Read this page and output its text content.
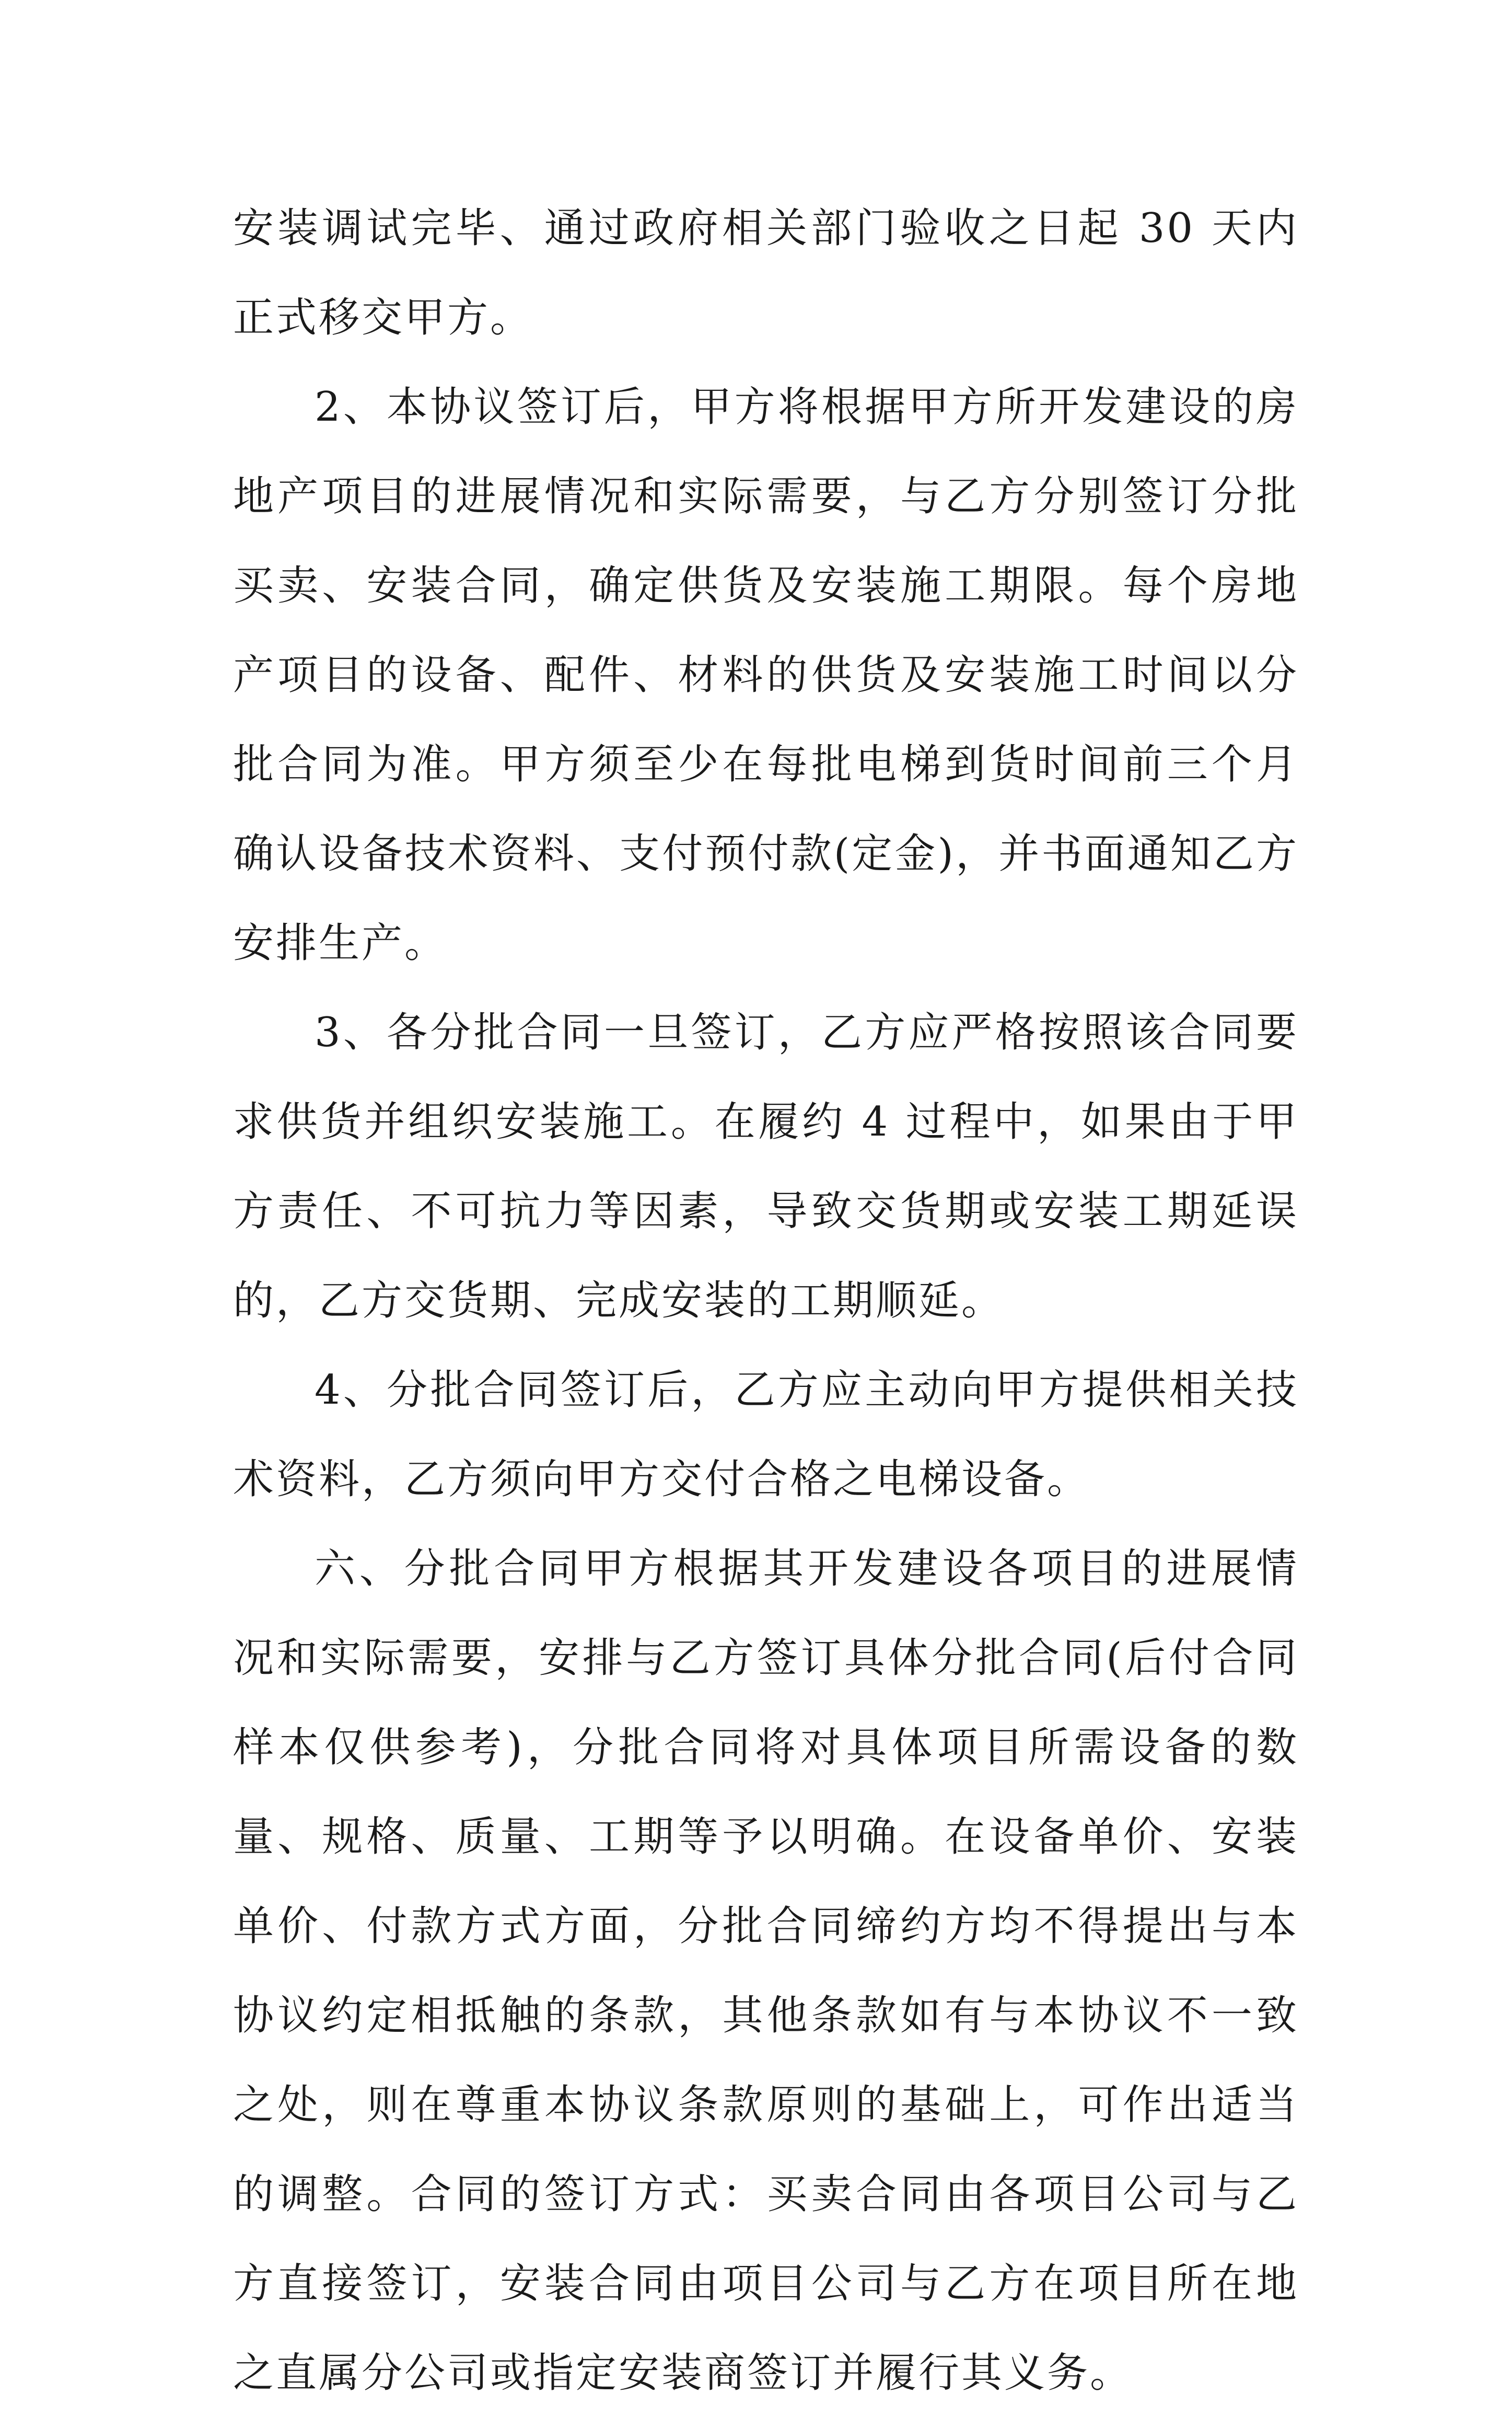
安装调试完毕、通过政府相关部门验收之日起 30 天内正式移交甲方。

2、本协议签订后，甲方将根据甲方所开发建设的房地产项目的进展情况和实际需要，与乙方分别签订分批买卖、安装合同，确定供货及安装施工期限。每个房地产项目的设备、配件、材料的供货及安装施工时间以分批合同为准。甲方须至少在每批电梯到货时间前三个月确认设备技术资料、支付预付款(定金)，并书面通知乙方安排生产。

3、各分批合同一旦签订，乙方应严格按照该合同要求供货并组织安装施工。在履约 4 过程中，如果由于甲方责任、不可抗力等因素，导致交货期或安装工期延误的，乙方交货期、完成安装的工期顺延。

4、分批合同签订后，乙方应主动向甲方提供相关技术资料，乙方须向甲方交付合格之电梯设备。

六、分批合同甲方根据其开发建设各项目的进展情况和实际需要，安排与乙方签订具体分批合同(后付合同样本仅供参考)，分批合同将对具体项目所需设备的数量、规格、质量、工期等予以明确。在设备单价、安装单价、付款方式方面，分批合同缔约方均不得提出与本协议约定相抵触的条款，其他条款如有与本协议不一致之处，则在尊重本协议条款原则的基础上，可作出适当的调整。合同的签订方式：买卖合同由各项目公司与乙方直接签订，安装合同由项目公司与乙方在项目所在地之直属分公司或指定安装商签订并履行其义务。
